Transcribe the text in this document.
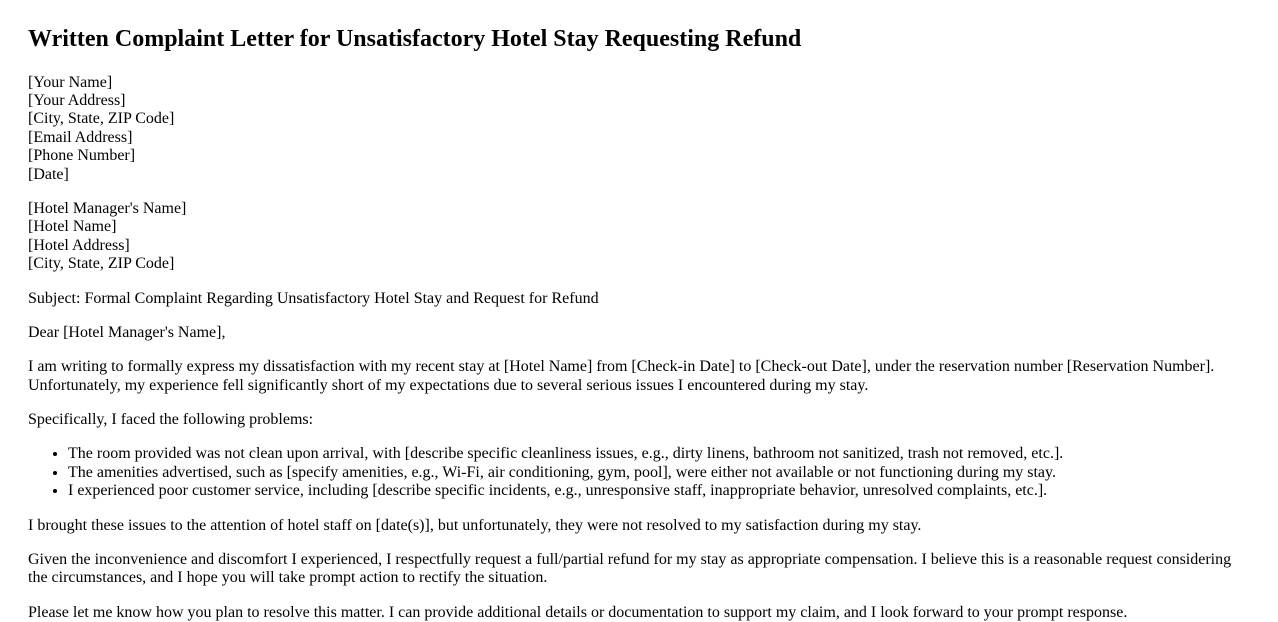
Written Complaint Letter for Unsatisfactory Hotel Stay Requesting Refund

[Your Name]
[Your Address]
[City, State, ZIP Code]
[Email Address]
[Phone Number]
[Date]

[Hotel Manager's Name]
[Hotel Name]
[Hotel Address]
[City, State, ZIP Code]

Subject: Formal Complaint Regarding Unsatisfactory Hotel Stay and Request for Refund

Dear [Hotel Manager's Name],

I am writing to formally express my dissatisfaction with my recent stay at [Hotel Name] from [Check-in Date] to [Check-out Date], under the reservation number [Reservation Number]. Unfortunately, my experience fell significantly short of my expectations due to several serious issues I encountered during my stay.

Specifically, I faced the following problems:

• The room provided was not clean upon arrival, with [describe specific cleanliness issues, e.g., dirty linens, bathroom not sanitized, trash not removed, etc.].
• The amenities advertised, such as [specify amenities, e.g., Wi-Fi, air conditioning, gym, pool], were either not available or not functioning during my stay.
• I experienced poor customer service, including [describe specific incidents, e.g., unresponsive staff, inappropriate behavior, unresolved complaints, etc.].

I brought these issues to the attention of hotel staff on [date(s)], but unfortunately, they were not resolved to my satisfaction during my stay.

Given the inconvenience and discomfort I experienced, I respectfully request a full/partial refund for my stay as appropriate compensation. I believe this is a reasonable request considering the circumstances, and I hope you will take prompt action to rectify the situation.

Please let me know how you plan to resolve this matter. I can provide additional details or documentation to support my claim, and I look forward to your prompt response.
